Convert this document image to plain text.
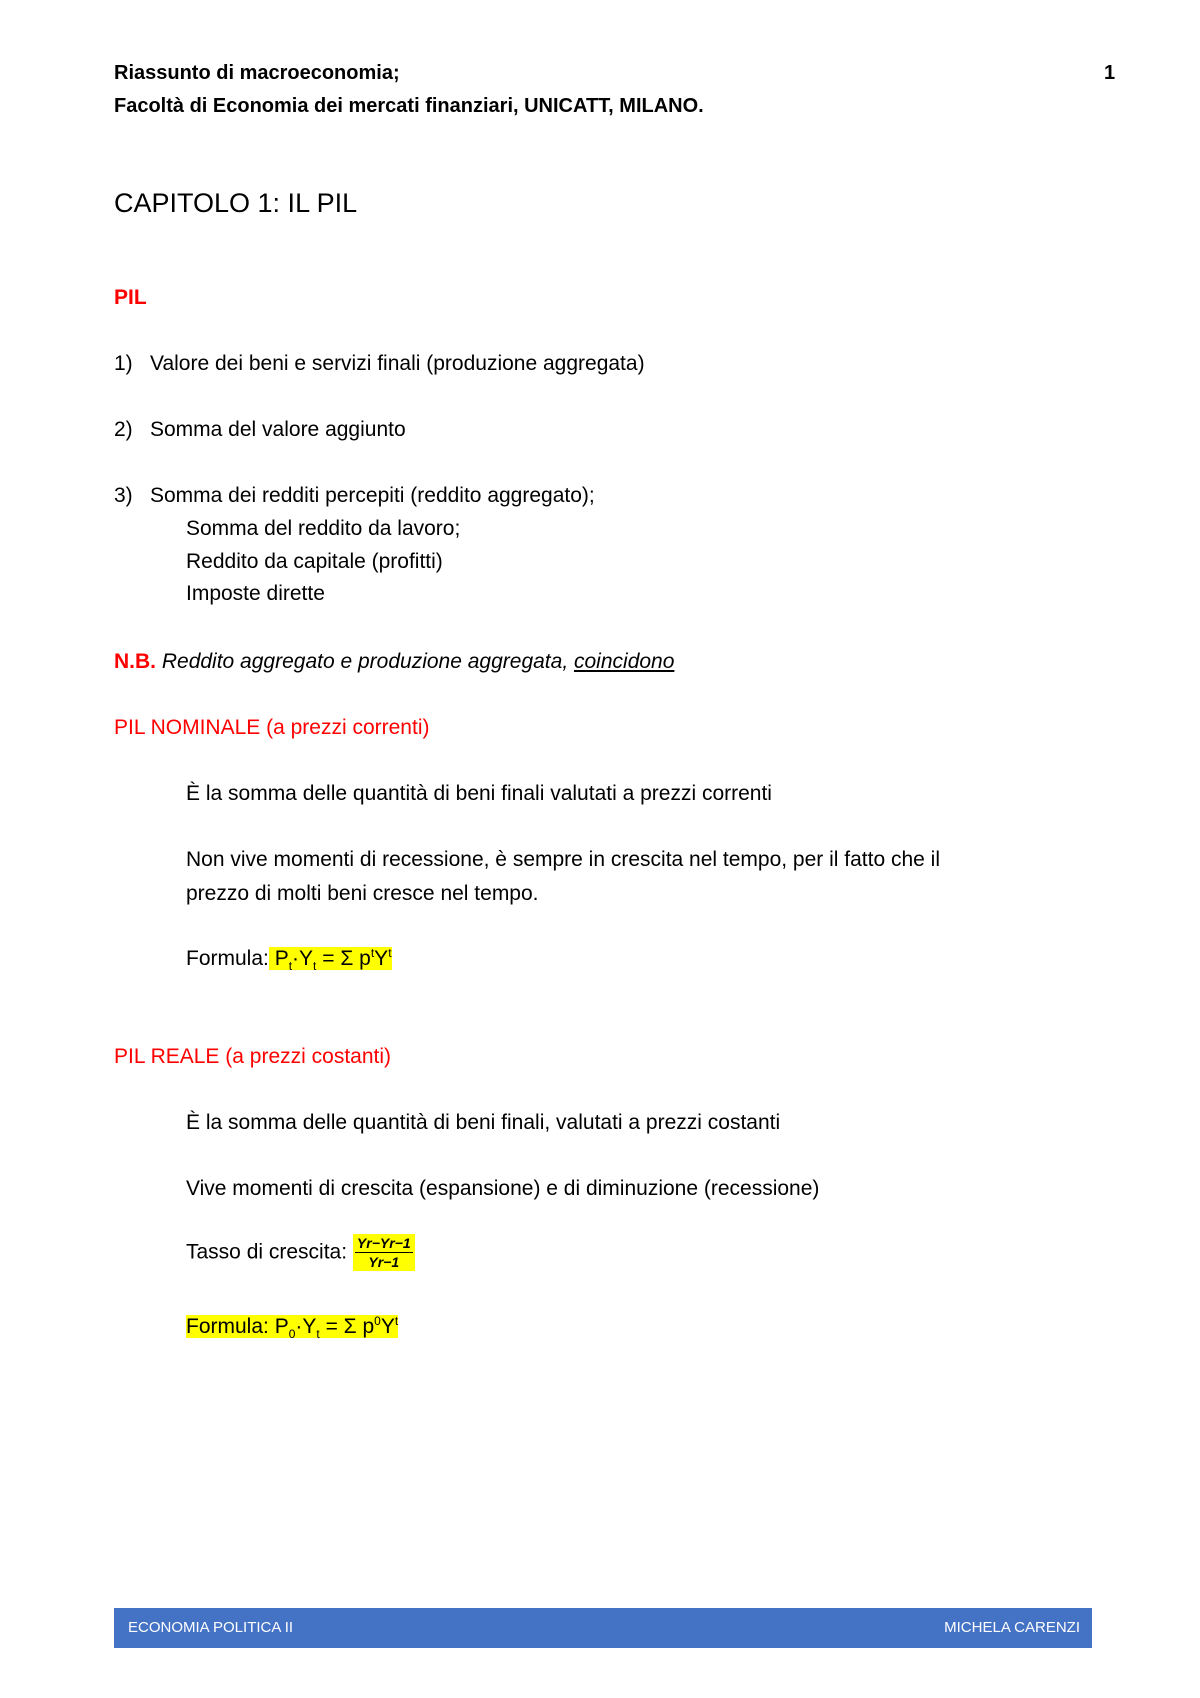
Riassunto di macroeconomia;
Facoltà di Economia dei mercati finanziari, UNICATT, MILANO.
1
CAPITOLO 1: IL PIL
PIL
1) Valore dei beni e servizi finali (produzione aggregata)
2) Somma del valore aggiunto
3) Somma dei redditi percepiti (reddito aggregato);
Somma del reddito da lavoro;
Reddito da capitale (profitti)
Imposte dirette
N.B. Reddito aggregato e produzione aggregata, coincidono
PIL NOMINALE (a prezzi correnti)
È la somma delle quantità di beni finali valutati a prezzi correnti
Non vive momenti di recessione, è sempre in crescita nel tempo, per il fatto che il
prezzo di molti beni cresce nel tempo.
Formula: $P_t\cdot Y_t = \Sigma$ $p^tY^t$
PIL REALE (a prezzi costanti)
È la somma delle quantità di beni finali, valutati a prezzi costanti
Vive momenti di crescita (espansione) e di diminuzione (recessione)
Tasso di crescita: $\frac{Yr-Yr-1}{Yr-1}$
Formula: $P_0\cdot Y_t = \Sigma$ $p^0Y^t$
ECONOMIA POLITICA II	MICHELA CARENZI
